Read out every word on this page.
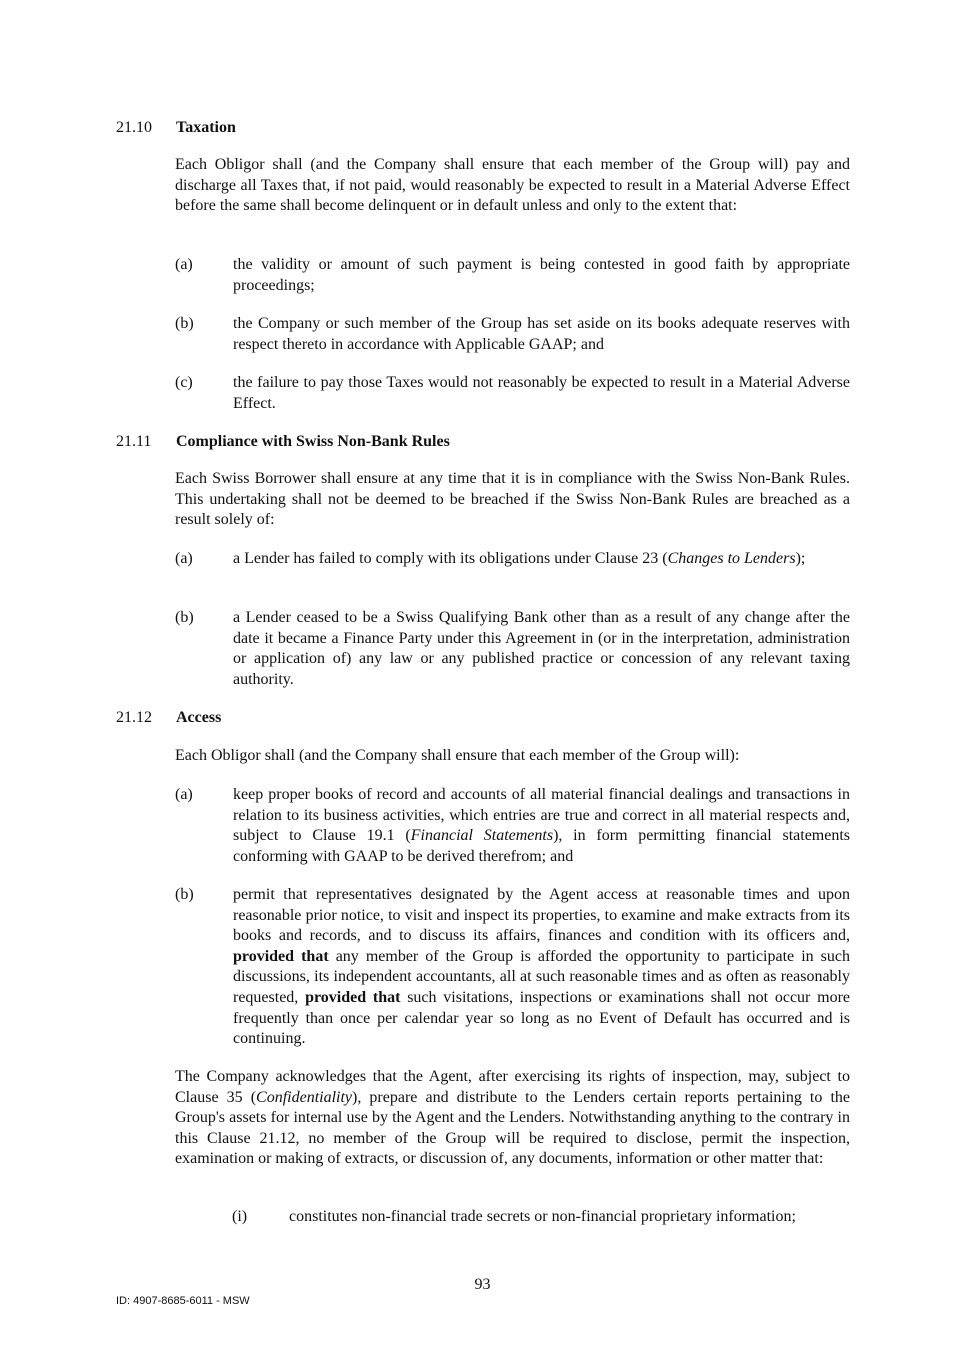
21.10 Taxation

Each Obligor shall (and the Company shall ensure that each member of the Group will) pay and discharge all Taxes that, if not paid, would reasonably be expected to result in a Material Adverse Effect before the same shall become delinquent or in default unless and only to the extent that:

(a)	the validity or amount of such payment is being contested in good faith by appropriate proceedings;
(b) the Company or such member of the Group has set aside on its books adequate reserves with respect thereto in accordance with Applicable GAAP; and
(c)	the failure to pay those Taxes would not reasonably be expected to result in a Material Adverse Effect.
21.11 Compliance with Swiss Non-Bank Rules

Each Swiss Borrower shall ensure at any time that it is in compliance with the Swiss Non-Bank Rules. This undertaking shall not be deemed to be breached if the Swiss Non-Bank Rules are breached as a result solely of:

(a)	a Lender has failed to comply with its obligations under Clause 23 (Changes to Lenders);
(b) a Lender ceased to be a Swiss Qualifying Bank other than as a result of any change after the date it became a Finance Party under this Agreement in (or in the interpretation, administration or application of) any law or any published practice or concession of any relevant taxing authority.
21.12 Access

Each Obligor shall (and the Company shall ensure that each member of the Group will):

(a)	keep proper books of record and accounts of all material financial dealings and transactions in relation to its business activities, which entries are true and correct in all material respects and, subject to Clause 19.1 (Financial Statements), in form permitting financial statements conforming with GAAP to be derived therefrom; and
(b) permit that representatives designated by the Agent access at reasonable times and upon reasonable prior notice, to visit and inspect its properties, to examine and make extracts from its books and records, and to discuss its affairs, finances and condition with its officers and, provided that any member of the Group is afforded the opportunity to participate in such discussions, its independent accountants, all at such reasonable times and as often as reasonably requested, provided that such visitations, inspections or examinations shall not occur more frequently than once per calendar year so long as no Event of Default has occurred and is continuing.

The Company acknowledges that the Agent, after exercising its rights of inspection, may, subject to Clause 35 (Confidentiality), prepare and distribute to the Lenders certain reports pertaining to the Group's assets for internal use by the Agent and the Lenders. Notwithstanding anything to the contrary in this Clause 21.12, no member of the Group will be required to disclose, permit the inspection, examination or making of extracts, or discussion of, any documents, information or other matter that:

(i)	constitutes non-financial trade secrets or non-financial proprietary information;
93
ID: 4907-8685-6011 - MSW
